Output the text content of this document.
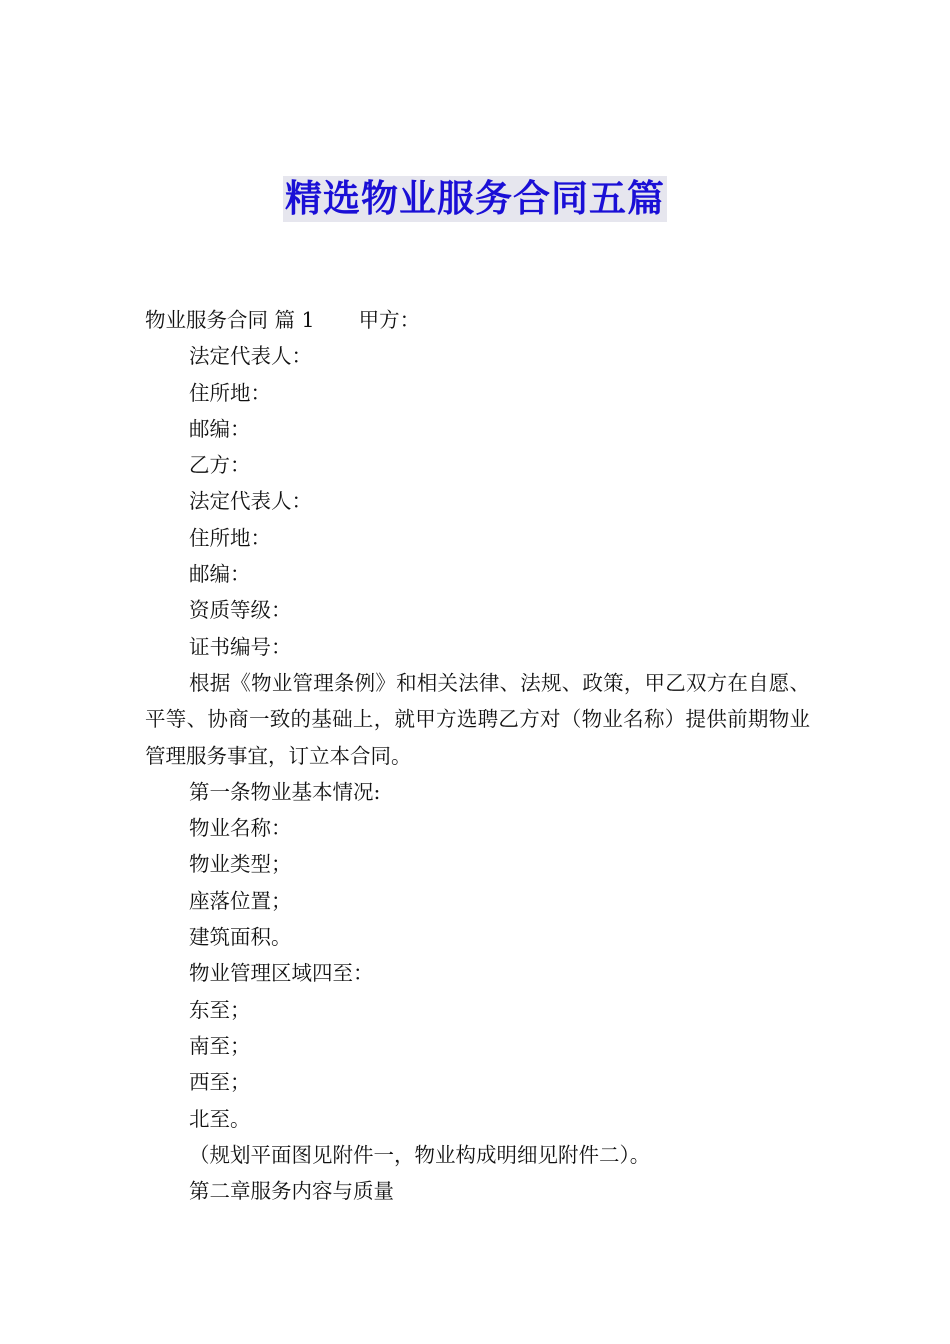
精选物业服务合同五篇
物业服务合同 篇 1 甲方：
法定代表人：
住所地：
邮编：
乙方：
法定代表人：
住所地：
邮编：
资质等级：
证书编号：
根据《物业管理条例》和相关法律、法规、政策，甲乙双方在自愿、平等、协商一致的基础上，就甲方选聘乙方对（物业名称）提供前期物业管理服务事宜，订立本合同。
第一条物业基本情况:
物业名称：
物业类型；
座落位置；
建筑面积。
物业管理区域四至：
东至；
南至；
西至；
北至。
（规划平面图见附件一，物业构成明细见附件二）。
第二章服务内容与质量
